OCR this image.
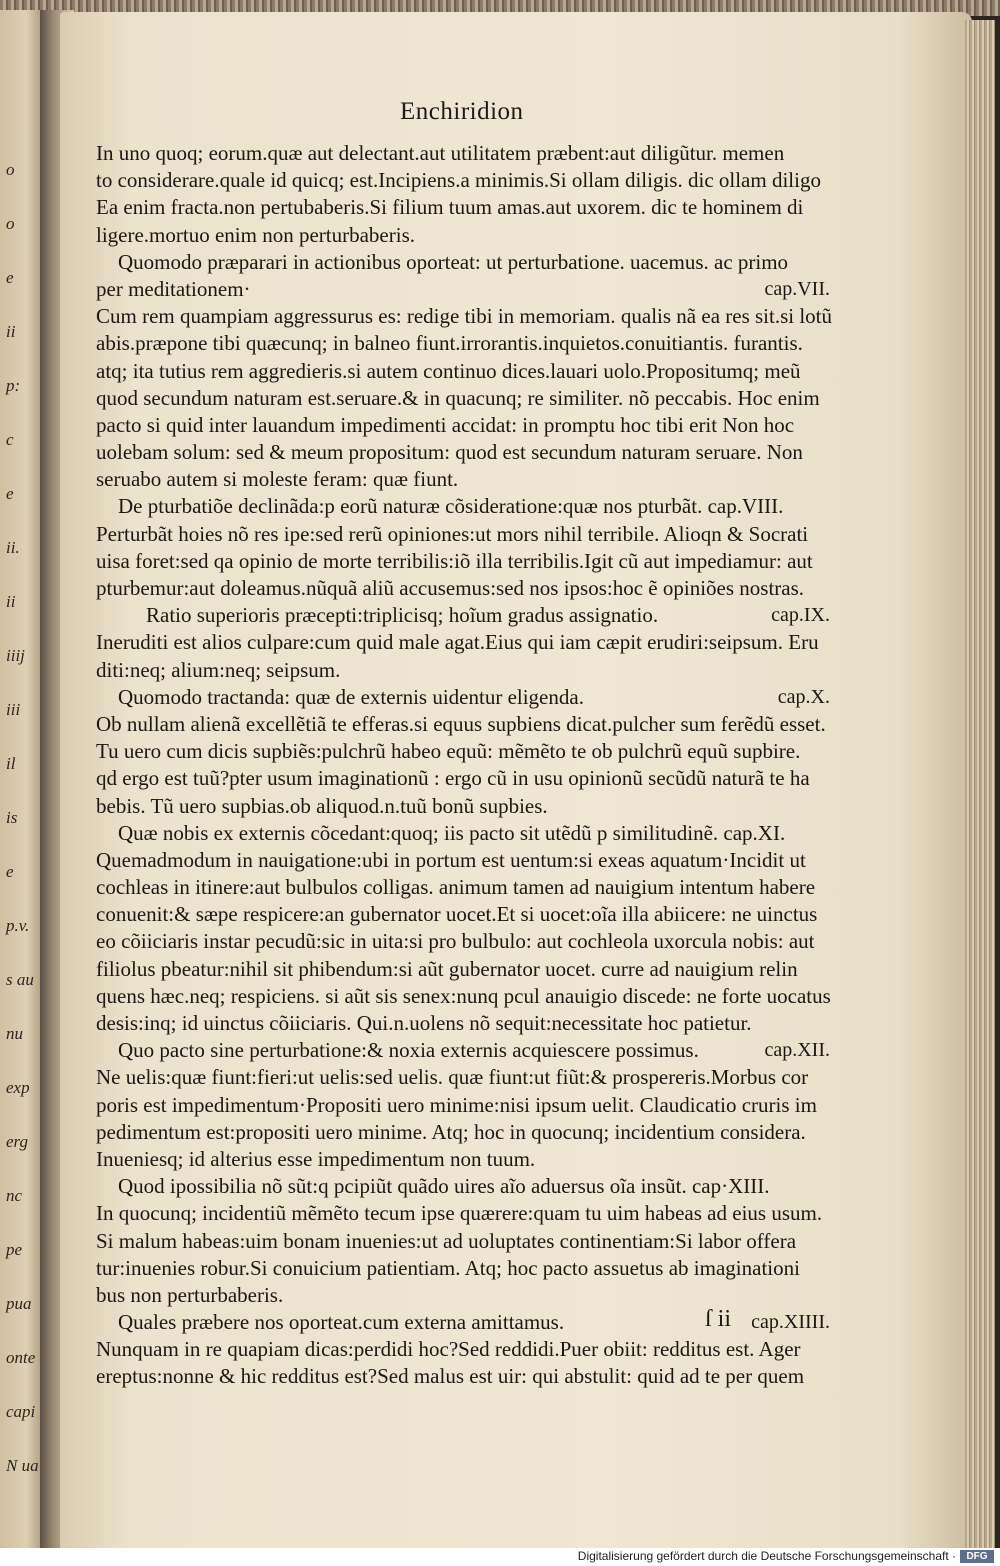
o
o
e
ii
p:
c
e
ii.
ii
iiij
iii
il
is
e
p.v.
s au
nu
exp
erg
nc
pe
pua
onte
capi
N ua
Enchiridion
In uno quoq; eorum.quæ aut delectant.aut utilitatem præbent:aut diligũtur. memen
to considerare.quale id quicq; est.Incipiens.a minimis.Si ollam diligis. dic ollam diligo
Ea enim fracta.non pertubaberis.Si filium tuum amas.aut uxorem. dic te hominem di
ligere.mortuo enim non perturbaberis.
Quomodo præparari in actionibus oporteat: ut perturbatione. uacemus. ac primo
per meditationem·	cap.VII.
Cum rem quampiam aggressurus es: redige tibi in memoriam. qualis nã ea res sit.si lotũ
abis.præpone tibi quæcunq; in balneo fiunt.irrorantis.inquietos.conuitiantis. furantis.
atq; ita tutius rem aggredieris.si autem continuo dices.lauari uolo.Propositumq; meũ
quod secundum naturam est.seruare.& in quacunq; re similiter. nõ peccabis. Hoc enim
pacto si quid inter lauandum impedimenti accidat: in promptu hoc tibi erit Non hoc
uolebam solum: sed & meum propositum: quod est secundum naturam seruare. Non
seruabo autem si moleste feram: quæ fiunt.
De pturbatiõe declinãda:p eorũ naturæ cõsideratione:quæ nos pturbãt. cap.VIII.
Perturbãt hoies nõ res ipe:sed rerũ opiniones:ut mors nihil terribile. Alioqn & Socrati
uisa foret:sed qa opinio de morte terribilis:iõ illa terribilis.Igit cũ aut impediamur: aut
pturbemur:aut doleamus.nũquã aliũ accusemus:sed nos ipsos:hoc ẽ opiniões nostras.
Ratio superioris præcepti:triplicisq; hoĩum gradus assignatio.	cap.IX.
Ineruditi est alios culpare:cum quid male agat.Eius qui iam cæpit erudiri:seipsum. Eru
diti:neq; alium:neq; seipsum.
Quomodo tractanda: quæ de externis uidentur eligenda.	cap.X.
Ob nullam alienã excellẽtiã te efferas.si equus supbiens dicat.pulcher sum ferẽdũ esset.
Tu uero cum dicis supbiẽs:pulchrũ habeo equũ: mẽmẽto te ob pulchrũ equũ supbire.
qd ergo est tuũ?pter usum imaginationũ : ergo cũ in usu opinionũ secũdũ naturã te ha
bebis. Tũ uero supbias.ob aliquod.n.tuũ bonũ supbies.
Quæ nobis ex externis cõcedant:quoq; iis pacto sit utẽdũ p similitudinẽ. cap.XI.
Quemadmodum in nauigatione:ubi in portum est uentum:si exeas aquatum·Incidit ut
cochleas in itinere:aut bulbulos colligas. animum tamen ad nauigium intentum habere
conuenit:& sæpe respicere:an gubernator uocet.Et si uocet:oĩa illa abiicere: ne uinctus
eo cõiiciaris instar pecudũ:sic in uita:si pro bulbulo: aut cochleola uxorcula nobis: aut
filiolus pbeatur:nihil sit phibendum:si aũt gubernator uocet. curre ad nauigium relin
quens hæc.neq; respiciens. si aũt sis senex:nunq pcul anauigio discede: ne forte uocatus
desis:inq; id uinctus cõiiciaris. Qui.n.uolens nõ sequit:necessitate hoc patietur.
Quo pacto sine perturbatione:& noxia externis acquiescere possimus.	cap.XII.
Ne uelis:quæ fiunt:fieri:ut uelis:sed uelis. quæ fiunt:ut fiũt:& prospereris.Morbus cor
poris est impedimentum·Propositi uero minime:nisi ipsum uelit. Claudicatio cruris im
pedimentum est:propositi uero minime. Atq; hoc in quocunq; incidentium considera.
Inueniesq; id alterius esse impedimentum non tuum.
Quod ipossibilia nõ sũt:q pcipiũt quãdo uires aĩo aduersus oĩa insũt. cap·XIII.
In quocunq; incidentiũ mẽmẽto tecum ipse quærere:quam tu uim habeas ad eius usum.
Si malum habeas:uim bonam inuenies:ut ad uoluptates continentiam:Si labor offera
tur:inuenies robur.Si conuicium patientiam. Atq; hoc pacto assuetus ab imaginationi
bus non perturbaberis.
Quales præbere nos oporteat.cum externa amittamus.	cap.XIIII.
Nunquam in re quapiam dicas:perdidi hoc?Sed reddidi.Puer obiit: redditus est. Ager
ereptus:nonne & hic redditus est?Sed malus est uir: qui abstulit: quid ad te per quem
ſ ii
Digitalisierung gefördert durch die Deutsche Forschungsgemeinschaft ·	DFG
